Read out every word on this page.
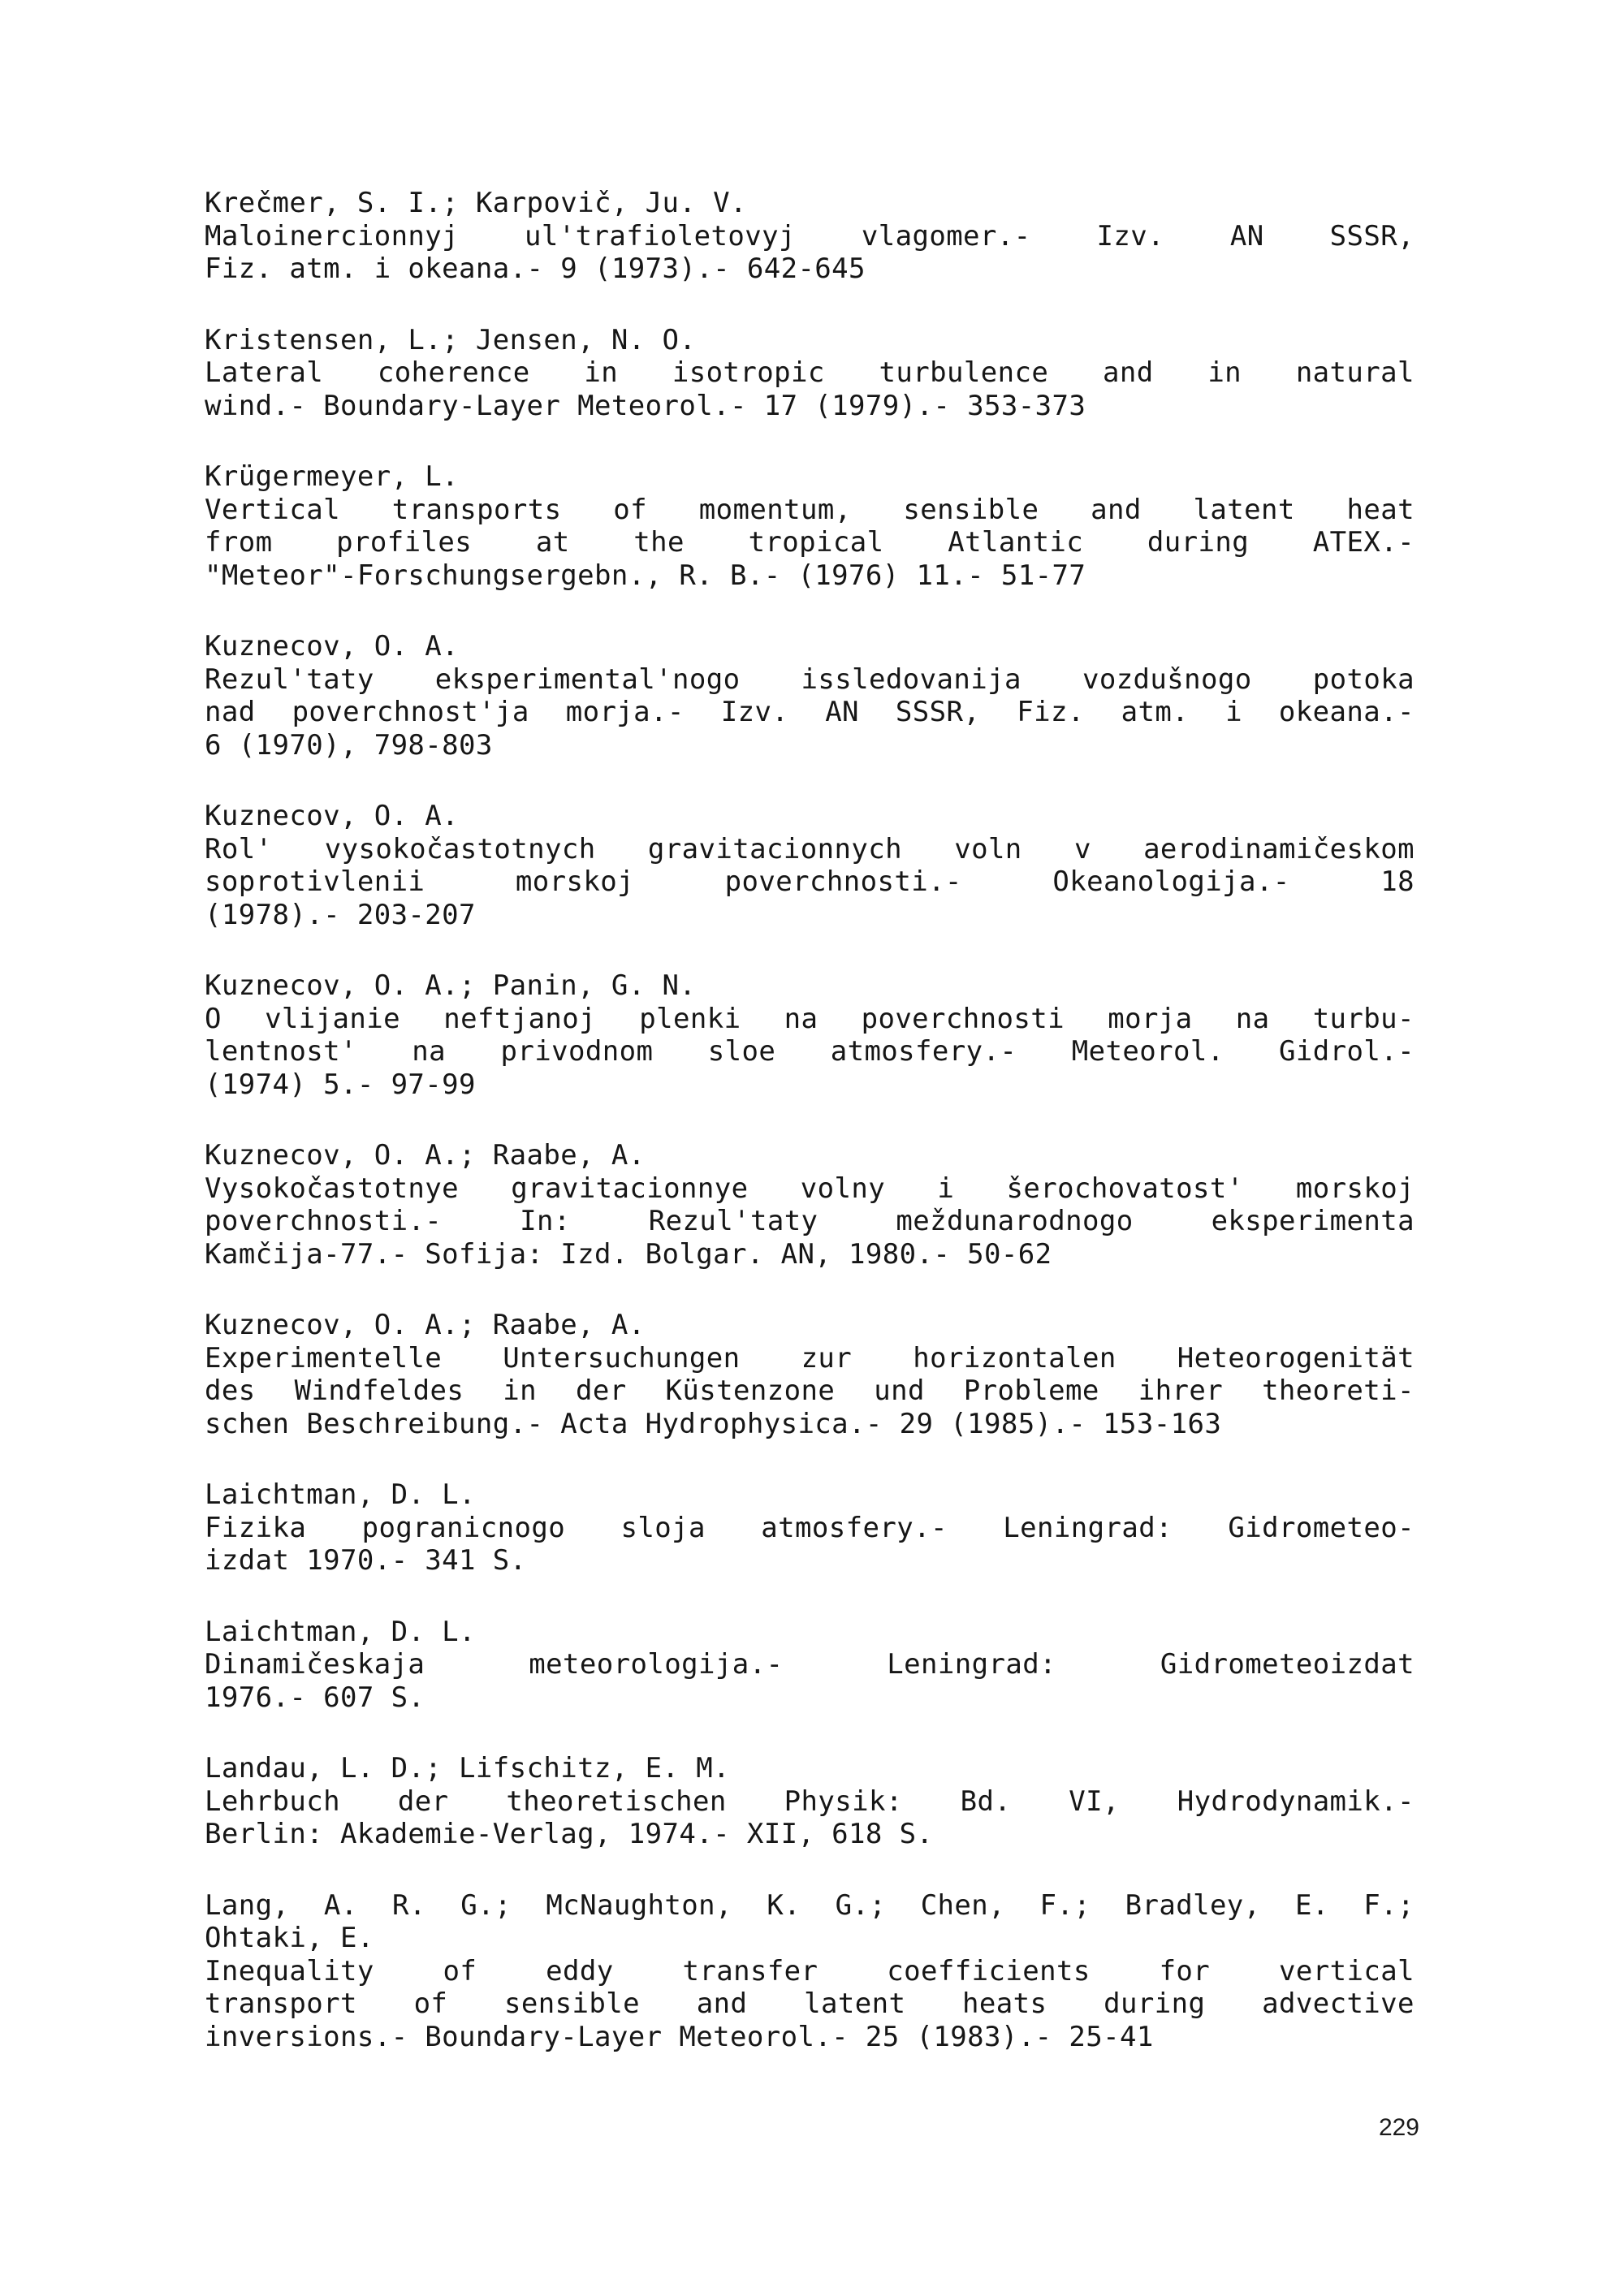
Krečmer, S. I.; Karpovič, Ju. V.
Maloinercionnyj ul'trafioletovyj vlagomer.- Izv. AN SSSR,
Fiz. atm. i okeana.- 9 (1973).- 642-645
Kristensen, L.; Jensen, N. O.
Lateral coherence in isotropic turbulence and in natural
wind.- Boundary-Layer Meteorol.- 17 (1979).- 353-373
Krügermeyer, L.
Vertical transports of momentum, sensible and latent heat
from profiles at the tropical Atlantic during ATEX.-
"Meteor"-Forschungsergebn., R. B.- (1976) 11.- 51-77
Kuznecov, O. A.
Rezul'taty eksperimental'nogo issledovanija vozdušnogo potoka
nad poverchnost'ja morja.- Izv. AN SSSR, Fiz. atm. i okeana.-
6 (1970), 798-803
Kuznecov, O. A.
Rol' vysokočastotnych gravitacionnych voln v aerodinamičeskom
soprotivlenii	morskoj	poverchnosti.-	Okeanologija.-	18
(1978).- 203-207
Kuznecov, O. A.; Panin, G. N.
O vlijanie neftjanoj plenki na poverchnosti morja na turbu-
lentnost' na privodnom sloe atmosfery.- Meteorol. Gidrol.-
(1974) 5.- 97-99
Kuznecov, O. A.; Raabe, A.
Vysokočastotnye gravitacionnye volny i šerochovatost' morskoj
poverchnosti.-	In:	Rezul'taty	meždunarodnogo	eksperimenta
Kamčija-77.- Sofija: Izd. Bolgar. AN, 1980.- 50-62
Kuznecov, O. A.; Raabe, A.
Experimentelle Untersuchungen zur horizontalen Heteorogenität
des Windfeldes in der Küstenzone und Probleme ihrer theoreti-
schen Beschreibung.- Acta Hydrophysica.- 29 (1985).- 153-163
Laichtman, D. L.
Fizika pogranicnogo sloja atmosfery.- Leningrad: Gidrometeo-
izdat 1970.- 341 S.
Laichtman, D. L.
Dinamičeskaja	meteorologija.-	Leningrad:	Gidrometeoizdat
1976.- 607 S.
Landau, L. D.; Lifschitz, E. M.
Lehrbuch der theoretischen Physik: Bd. VI, Hydrodynamik.-
Berlin: Akademie-Verlag, 1974.- XII, 618 S.
Lang, A. R. G.; McNaughton, K. G.; Chen, F.; Bradley, E. F.;
Ohtaki, E.
Inequality of eddy transfer coefficients for vertical
transport of sensible and latent heats during advective
inversions.- Boundary-Layer Meteorol.- 25 (1983).- 25-41
229
